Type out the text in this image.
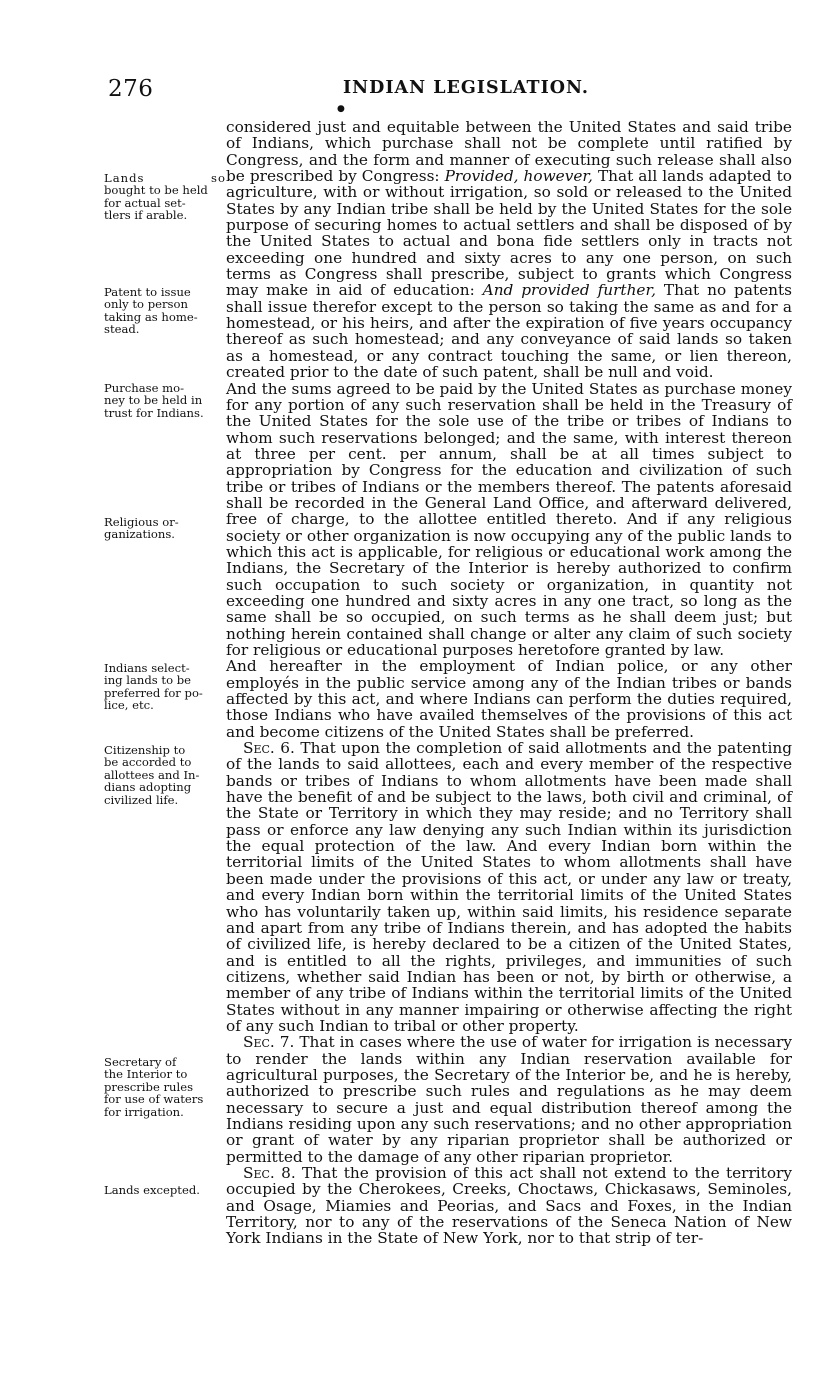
276	INDIAN LEGISLATION.
●
Lands so
bought to be held
for actual set-
tlers if arable.
Patent to issue
only to person
taking as home-
stead.
Purchase mo-
ney to be held in
trust for Indians.
Religious or-
ganizations.
Indians select-
ing lands to be
preferred for po-
lice, etc.
Citizenship to
be accorded to
allottees and In-
dians adopting
civilized life.
Secretary of
the Interior to
prescribe rules
for use of waters
for irrigation.
Lands excepted.

considered just and equitable between the United States and said tribe of Indians, which purchase shall not be complete until ratified by Congress, and the form and manner of executing such release shall also be prescribed by Congress: Provided, however, That all lands adapted to agriculture, with or without irrigation, so sold or released to the United States by any Indian tribe shall be held by the United States for the sole purpose of securing homes to actual settlers and shall be disposed of by the United States to actual and bona fide settlers only in tracts not exceeding one hundred and sixty acres to any one person, on such terms as Congress shall prescribe, subject to grants which Congress may make in aid of education: And provided further, That no patents shall issue therefor except to the person so taking the same as and for a homestead, or his heirs, and after the expiration of five years occupancy thereof as such homestead; and any conveyance of said lands so taken as a homestead, or any contract touching the same, or lien thereon, created prior to the date of such patent, shall be null and void.

And the sums agreed to be paid by the United States as purchase money for any portion of any such reservation shall be held in the Treasury of the United States for the sole use of the tribe or tribes of Indians to whom such reservations belonged; and the same, with interest thereon at three per cent. per annum, shall be at all times subject to appropriation by Congress for the education and civilization of such tribe or tribes of Indians or the members thereof. The patents aforesaid shall be recorded in the General Land Office, and afterward delivered, free of charge, to the allottee entitled thereto. And if any religious society or other organization is now occupying any of the public lands to which this act is applicable, for religious or educational work among the Indians, the Secretary of the Interior is hereby authorized to confirm such occupation to such society or organization, in quantity not exceeding one hundred and sixty acres in any one tract, so long as the same shall be so occupied, on such terms as he shall deem just; but nothing herein contained shall change or alter any claim of such society for religious or educational purposes heretofore granted by law.

And hereafter in the employment of Indian police, or any other employés in the public service among any of the Indian tribes or bands affected by this act, and where Indians can perform the duties required, those Indians who have availed themselves of the provisions of this act and become citizens of the United States shall be preferred.

Sec. 6. That upon the completion of said allotments and the patenting of the lands to said allottees, each and every member of the respective bands or tribes of Indians to whom allotments have been made shall have the benefit of and be subject to the laws, both civil and criminal, of the State or Territory in which they may reside; and no Territory shall pass or enforce any law denying any such Indian within its jurisdiction the equal protection of the law. And every Indian born within the territorial limits of the United States to whom allotments shall have been made under the provisions of this act, or under any law or treaty, and every Indian born within the territorial limits of the United States who has voluntarily taken up, within said limits, his residence separate and apart from any tribe of Indians therein, and has adopted the habits of civilized life, is hereby declared to be a citizen of the United States, and is entitled to all the rights, privileges, and immunities of such citizens, whether said Indian has been or not, by birth or otherwise, a member of any tribe of Indians within the territorial limits of the United States without in any manner impairing or otherwise affecting the right of any such Indian to tribal or other property.

Sec. 7. That in cases where the use of water for irrigation is necessary to render the lands within any Indian reservation available for agricultural purposes, the Secretary of the Interior be, and he is hereby, authorized to prescribe such rules and regulations as he may deem necessary to secure a just and equal distribution thereof among the Indians residing upon any such reservations; and no other appropriation or grant of water by any riparian proprietor shall be authorized or permitted to the damage of any other riparian proprietor.

Sec. 8. That the provision of this act shall not extend to the territory occupied by the Cherokees, Creeks, Choctaws, Chickasaws, Seminoles, and Osage, Miamies and Peorias, and Sacs and Foxes, in the Indian Territory, nor to any of the reservations of the Seneca Nation of New York Indians in the State of New York, nor to that strip of ter-
